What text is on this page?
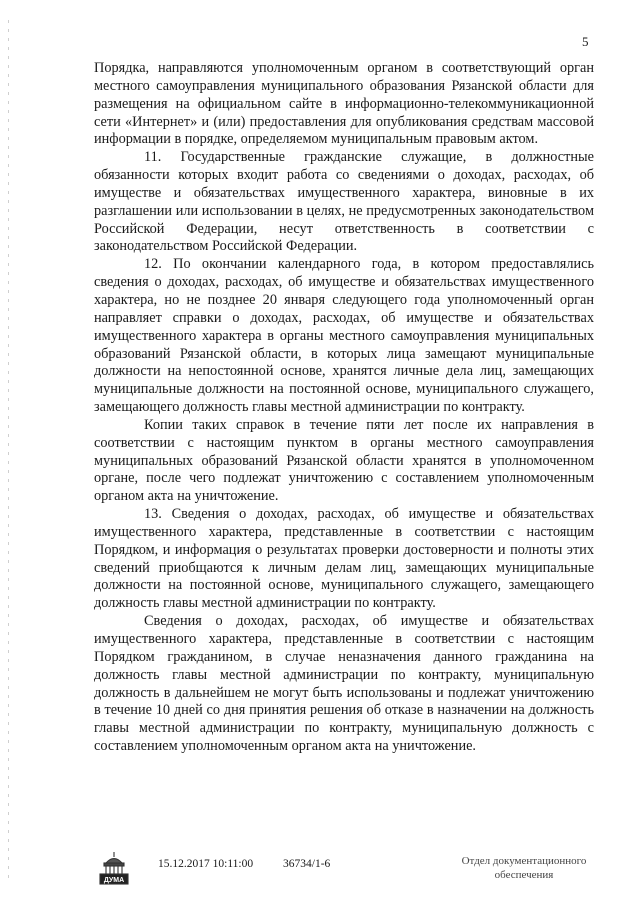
5

Порядка, направляются уполномоченным органом в соответствующий орган местного самоуправления муниципального образования Рязанской области для размещения на официальном сайте в информационно-телекоммуникационной сети «Интернет» и (или) предоставления для опубликования средствам массовой информации в порядке, определяемом муниципальным правовым актом.

11. Государственные гражданские служащие, в должностные обязанности которых входит работа со сведениями о доходах, расходах, об имуществе и обязательствах имущественного характера, виновные в их разглашении или использовании в целях, не предусмотренных законодательством Российской Федерации, несут ответственность в соответствии с законодательством Российской Федерации.

12. По окончании календарного года, в котором предоставлялись сведения о доходах, расходах, об имуществе и обязательствах имущественного характера, но не позднее 20 января следующего года уполномоченный орган направляет справки о доходах, расходах, об имуществе и обязательствах имущественного характера в органы местного самоуправления муниципальных образований Рязанской области, в которых лица замещают муниципальные должности на непостоянной основе, хранятся личные дела лиц, замещающих муниципальные должности на постоянной основе, муниципального служащего, замещающего должность главы местной администрации по контракту.

Копии таких справок в течение пяти лет после их направления в соответствии с настоящим пунктом в органы местного самоуправления муниципальных образований Рязанской области хранятся в уполномоченном органе, после чего подлежат уничтожению с составлением уполномоченным органом акта на уничтожение.

13. Сведения о доходах, расходах, об имуществе и обязательствах имущественного характера, представленные в соответствии с настоящим Порядком, и информация о результатах проверки достоверности и полноты этих сведений приобщаются к личным делам лиц, замещающих муниципальные должности на постоянной основе, муниципального служащего, замещающего должность главы местной администрации по контракту.

Сведения о доходах, расходах, об имуществе и обязательствах имущественного характера, представленные в соответствии с настоящим Порядком гражданином, в случае неназначения данного гражданина на должность главы местной администрации по контракту, муниципальную должность в дальнейшем не могут быть использованы и подлежат уничтожению в течение 10 дней со дня принятия решения об отказе в назначении на должность главы местной администрации по контракту, муниципальную должность с составлением уполномоченным органом акта на уничтожение.

ДУМА
15.12.2017 10:11:00	36734/1-6	Отдел документационного обеспечения
